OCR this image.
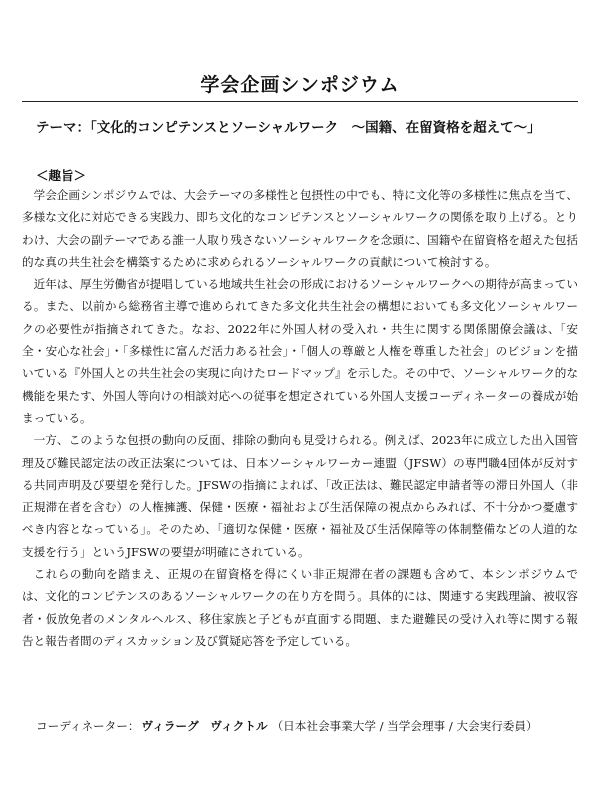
学会企画シンポジウム
テーマ：「文化的コンピテンスとソーシャルワーク　～国籍、在留資格を超えて～」
＜趣旨＞

学会企画シンポジウムでは、大会テーマの多様性と包摂性の中でも、特に文化等の多様性に焦点を当て、多様な文化に対応できる実践力、即ち文化的なコンピテンスとソーシャルワークの関係を取り上げる。とりわけ、大会の副テーマである誰一人取り残さないソーシャルワークを念頭に、国籍や在留資格を超えた包括的な真の共生社会を構築するために求められるソーシャルワークの貢献について検討する。

近年は、厚生労働省が提唱している地域共生社会の形成におけるソーシャルワークへの期待が高まっている。また、以前から総務省主導で進められてきた多文化共生社会の構想においても多文化ソーシャルワークの必要性が指摘されてきた。なお、2022年に外国人材の受入れ・共生に関する関係閣僚会議は、「安全・安心な社会」・「多様性に富んだ活力ある社会」・「個人の尊厳と人権を尊重した社会」のビジョンを描いている『外国人との共生社会の実現に向けたロードマップ』を示した。その中で、ソーシャルワーク的な機能を果たす、外国人等向けの相談対応への従事を想定されている外国人支援コーディネーターの養成が始まっている。

一方、このような包摂の動向の反面、排除の動向も見受けられる。例えば、2023年に成立した出入国管理及び難民認定法の改正法案については、日本ソーシャルワーカー連盟（JFSW）の専門職4団体が反対する共同声明及び要望を発行した。JFSWの指摘によれば、「改正法は、難民認定申請者等の滞日外国人（非正規滞在者を含む）の人権擁護、保健・医療・福祉および生活保障の視点からみれば、不十分かつ憂慮すべき内容となっている」。そのため、「適切な保健・医療・福祉及び生活保障等の体制整備などの人道的な支援を行う」というJFSWの要望が明確にされている。

これらの動向を踏まえ、正規の在留資格を得にくい非正規滞在者の課題も含めて、本シンポジウムでは、文化的コンピテンスのあるソーシャルワークの在り方を問う。具体的には、関連する実践理論、被収容者・仮放免者のメンタルヘルス、移住家族と子どもが直面する問題、また避難民の受け入れ等に関する報告と報告者間のディスカッション及び質疑応答を予定している。

コーディネーター： ヴィラーグ　ヴィクトル （日本社会事業大学 / 当学会理事 / 大会実行委員）
